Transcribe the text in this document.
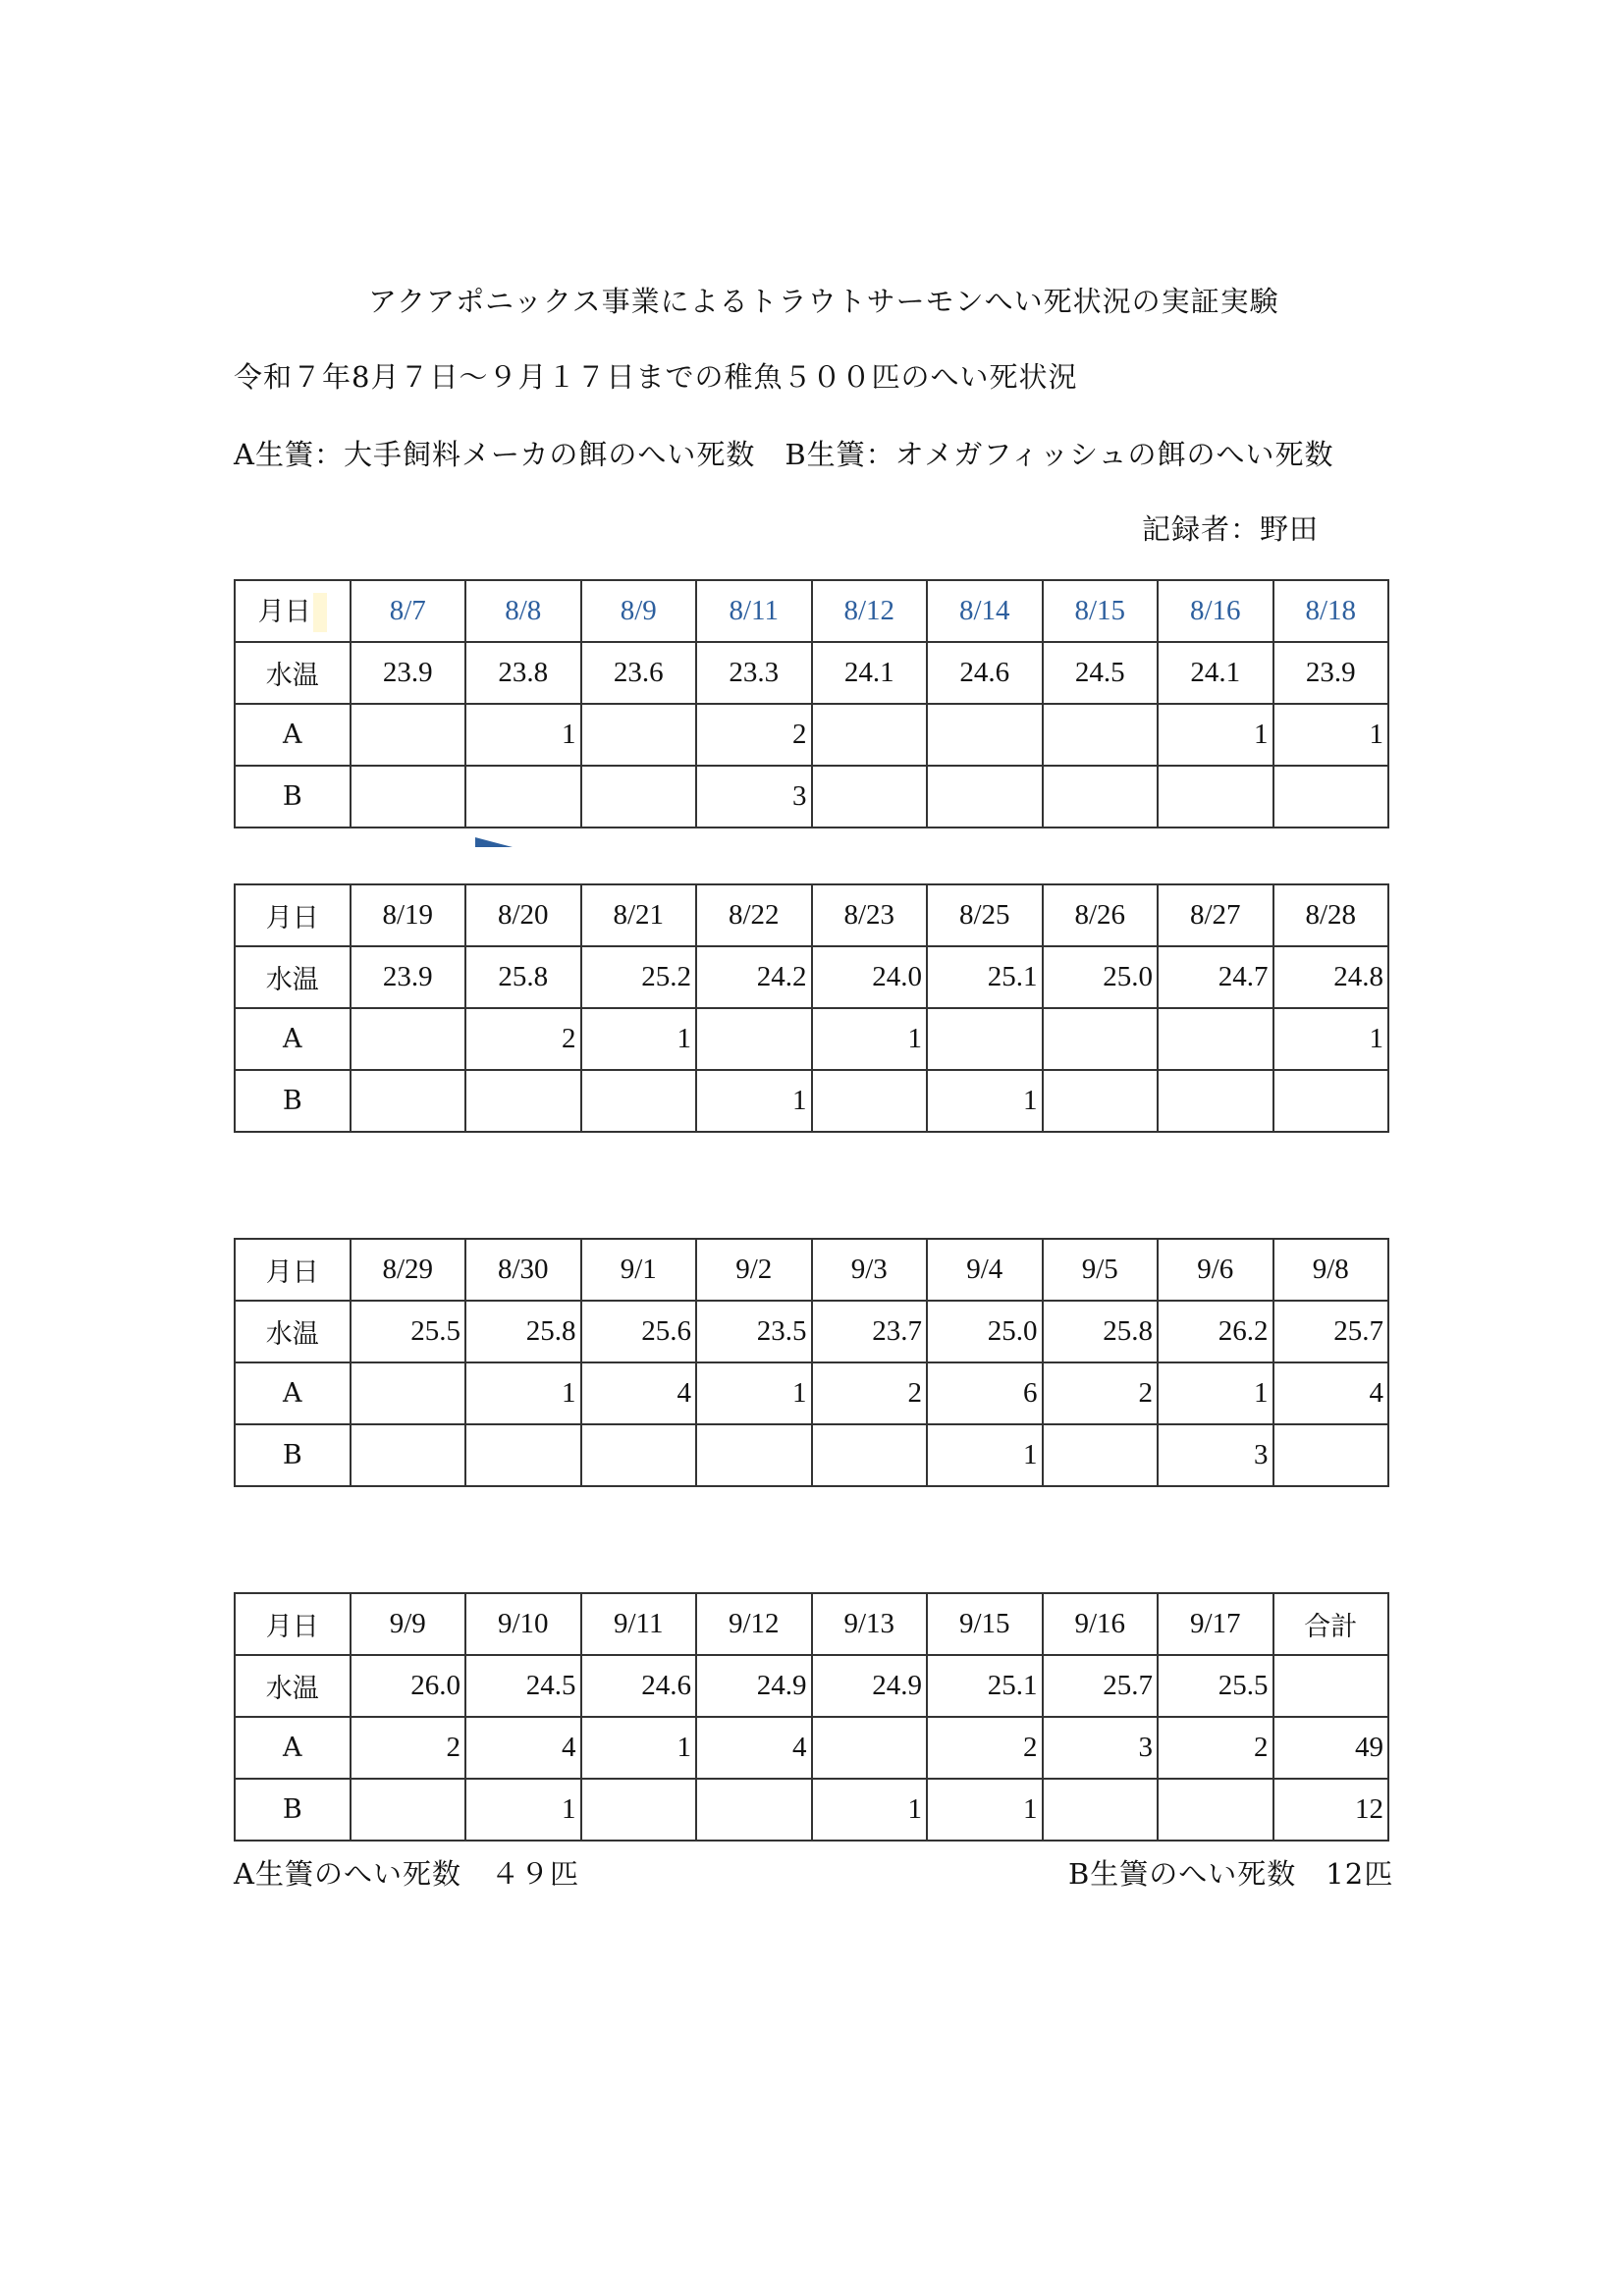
アクアポニックス事業によるトラウトサーモンへい死状況の実証実験
令和７年8月７日～９月１７日までの稚魚５００匹のへい死状況
A生簀：大手飼料メーカの餌のへい死数　B生簀：オメガフィッシュの餌のへい死数
記録者：野田
月日	8/7	8/8	8/9	8/11	8/12	8/14	8/15	8/16	8/18
水温	23.9	23.8	23.6	23.3	24.1	24.6	24.5	24.1	23.9
A		1		2				1	1
B				3					
月日	8/19	8/20	8/21	8/22	8/23	8/25	8/26	8/27	8/28
水温	23.9	25.8	25.2	24.2	24.0	25.1	25.0	24.7	24.8
A		2	1		1				1
B				1		1			
月日	8/29	8/30	9/1	9/2	9/3	9/4	9/5	9/6	9/8
水温	25.5	25.8	25.6	23.5	23.7	25.0	25.8	26.2	25.7
A		1	4	1	2	6	2	1	4
B						1		3	
月日	9/9	9/10	9/11	9/12	9/13	9/15	9/16	9/17	合計
水温	26.0	24.5	24.6	24.9	24.9	25.1	25.7	25.5	
A	2	4	1	4		2	3	2	49
B		1			1	1			12
A生簀のへい死数　４９匹	B生簀のへい死数　12匹
